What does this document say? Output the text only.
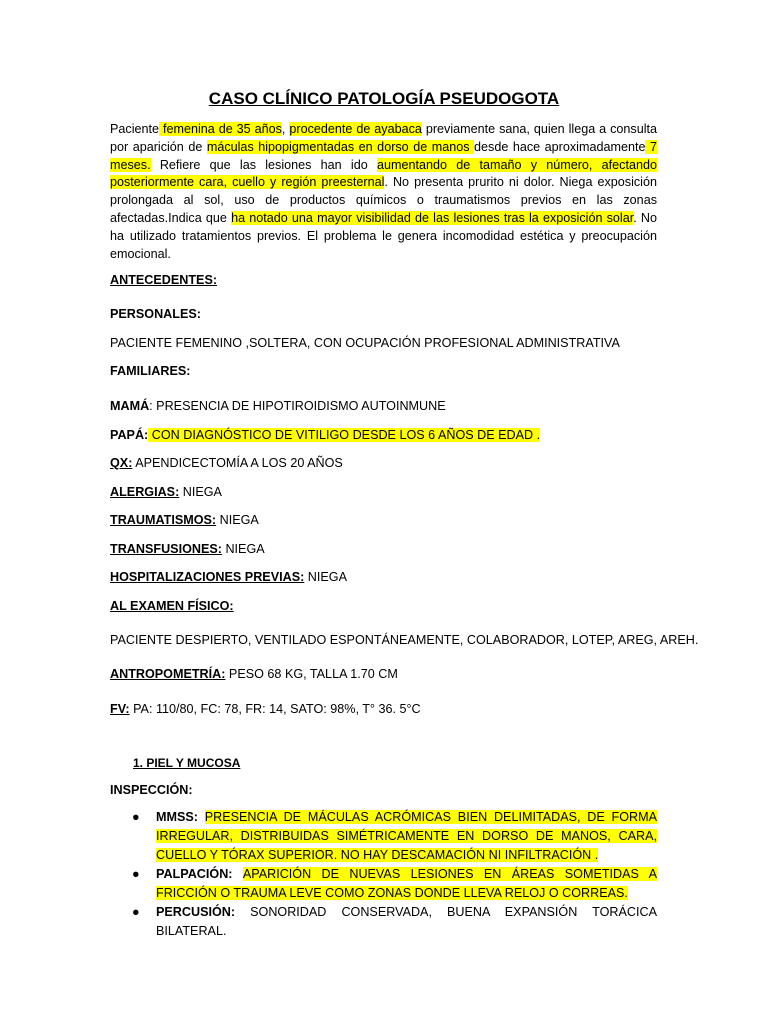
CASO CLÍNICO PATOLOGÍA PSEUDOGOTA
Paciente femenina de 35 años, procedente de ayabaca previamente sana, quien llega a consulta por aparición de máculas hipopigmentadas en dorso de manos desde hace aproximadamente 7 meses. Refiere que las lesiones han ido aumentando de tamaño y número, afectando posteriormente cara, cuello y región preesternal. No presenta prurito ni dolor. Niega exposición prolongada al sol, uso de productos químicos o traumatismos previos en las zonas afectadas.Indica que ha notado una mayor visibilidad de las lesiones tras la exposición solar. No ha utilizado tratamientos previos. El problema le genera incomodidad estética y preocupación emocional.
ANTECEDENTES:
PERSONALES:
PACIENTE FEMENINO ,SOLTERA, CON OCUPACIÓN PROFESIONAL ADMINISTRATIVA
FAMILIARES:
MAMÁ: PRESENCIA DE HIPOTIROIDISMO AUTOINMUNE
PAPÁ: CON DIAGNÓSTICO DE VITILIGO DESDE LOS 6 AÑOS DE EDAD .
QX: APENDICECTOMÍA A LOS 20 AÑOS
ALERGIAS: NIEGA
TRAUMATISMOS: NIEGA
TRANSFUSIONES: NIEGA
HOSPITALIZACIONES PREVIAS: NIEGA
AL EXAMEN FÍSICO:
PACIENTE DESPIERTO, VENTILADO ESPONTÁNEAMENTE, COLABORADOR, LOTEP, AREG, AREH.
ANTROPOMETRÍA: PESO 68 KG, TALLA 1.70 CM
FV: PA: 110/80, FC: 78, FR: 14, SATO: 98%, T° 36. 5°C
1. PIEL Y MUCOSA
INSPECCIÓN:
● MMSS: PRESENCIA DE MÁCULAS ACRÓMICAS BIEN DELIMITADAS, DE FORMA IRREGULAR, DISTRIBUIDAS SIMÉTRICAMENTE EN DORSO DE MANOS, CARA, CUELLO Y TÓRAX SUPERIOR. NO HAY DESCAMACIÓN NI INFILTRACIÓN .
● PALPACIÓN: APARICIÓN DE NUEVAS LESIONES EN ÁREAS SOMETIDAS A FRICCIÓN O TRAUMA LEVE COMO ZONAS DONDE LLEVA RELOJ O CORREAS.
● PERCUSIÓN: SONORIDAD CONSERVADA, BUENA EXPANSIÓN TORÁCICA BILATERAL.
